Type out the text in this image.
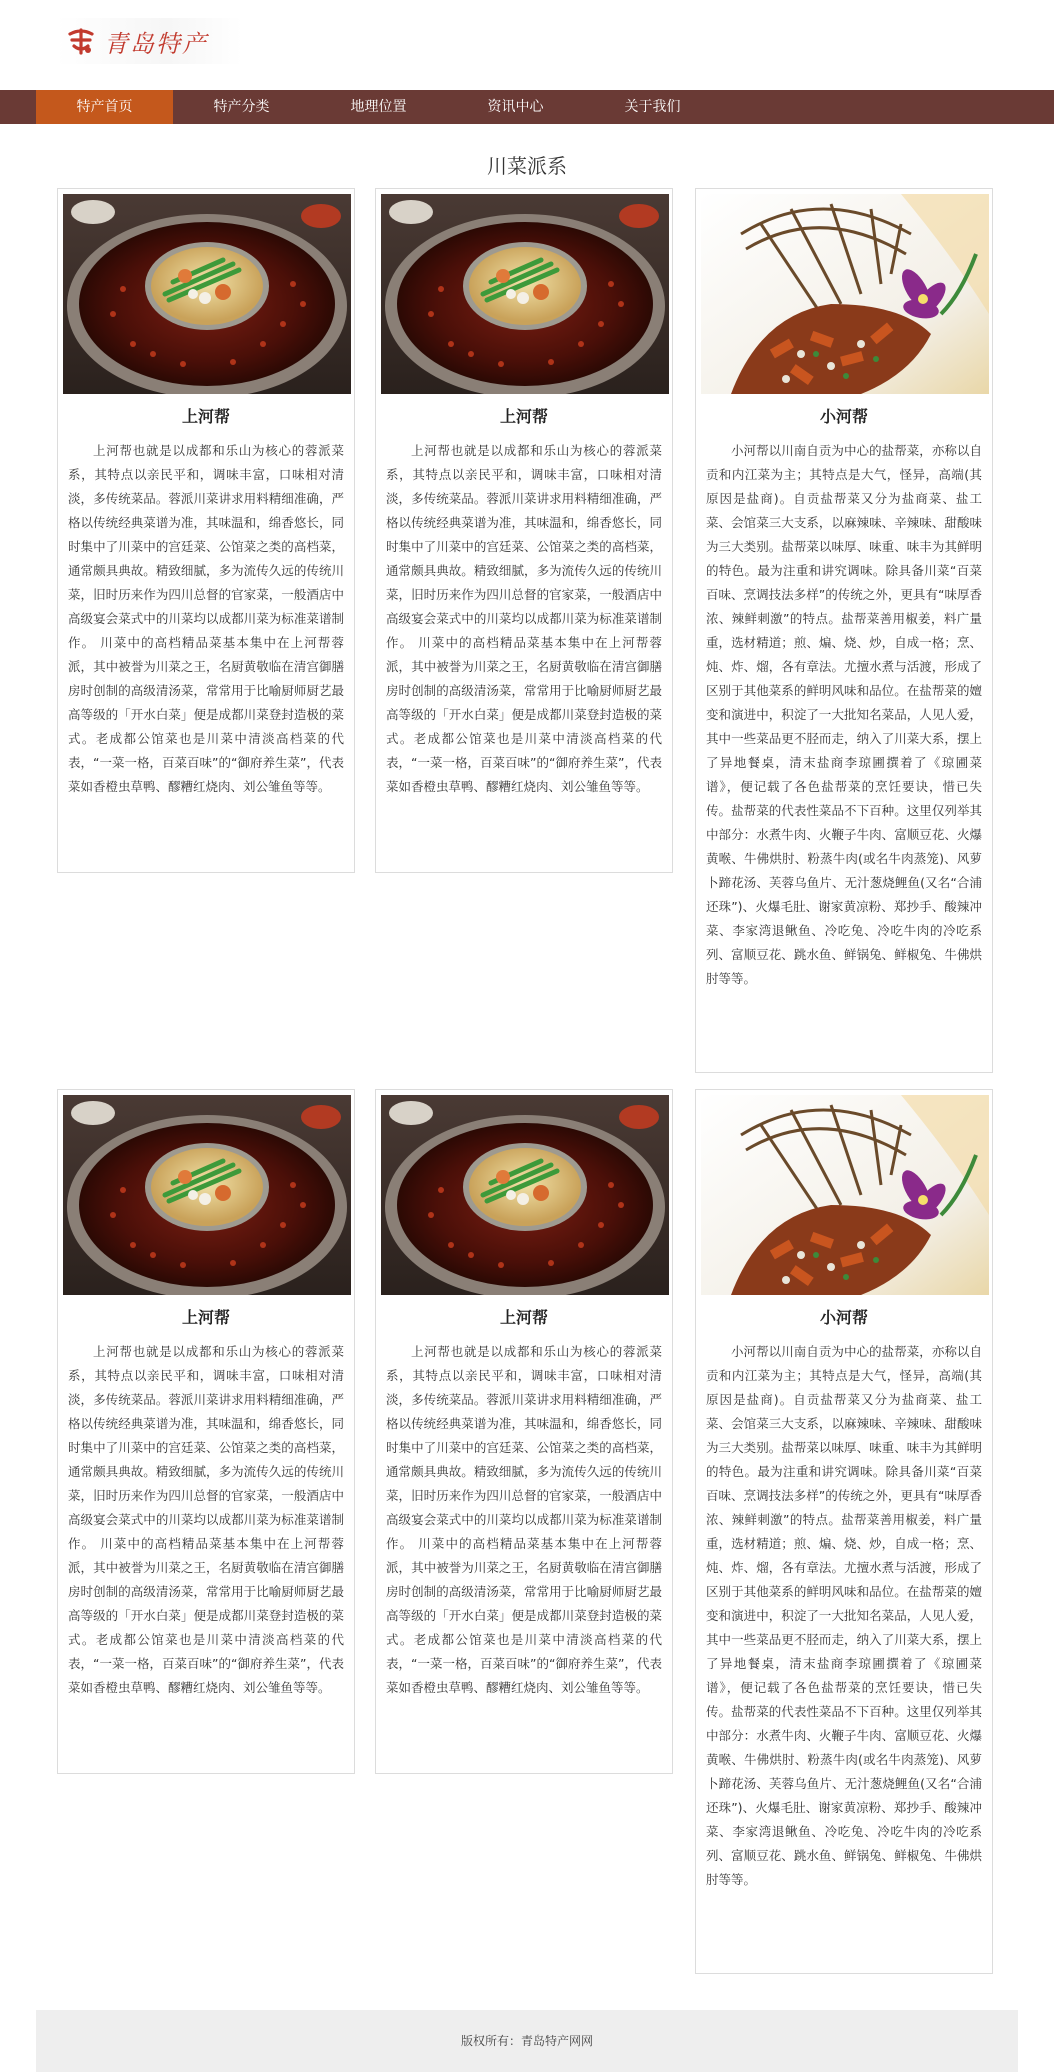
青岛特产
特产首页	特产分类	地理位置	资讯中心	关于我们
川菜派系
上河帮

上河帮也就是以成都和乐山为核心的蓉派菜系，其特点以亲民平和，调味丰富，口味相对清淡，多传统菜品。蓉派川菜讲求用料精细准确，严格以传统经典菜谱为准，其味温和，绵香悠长，同时集中了川菜中的宫廷菜、公馆菜之类的高档菜，通常颇具典故。精致细腻，多为流传久远的传统川菜，旧时历来作为四川总督的官家菜，一般酒店中高级宴会菜式中的川菜均以成都川菜为标准菜谱制作。 川菜中的高档精品菜基本集中在上河帮蓉派，其中被誉为川菜之王，名厨黄敬临在清宫御膳房时创制的高级清汤菜，常常用于比喻厨师厨艺最高等级的「开水白菜」便是成都川菜登封造极的菜式。老成都公馆菜也是川菜中清淡高档菜的代表，“一菜一格，百菜百味”的“御府养生菜”，代表菜如香橙虫草鸭、醪糟红烧肉、刘公雏鱼等等。

上河帮

上河帮也就是以成都和乐山为核心的蓉派菜系，其特点以亲民平和，调味丰富，口味相对清淡，多传统菜品。蓉派川菜讲求用料精细准确，严格以传统经典菜谱为准，其味温和，绵香悠长，同时集中了川菜中的宫廷菜、公馆菜之类的高档菜，通常颇具典故。精致细腻，多为流传久远的传统川菜，旧时历来作为四川总督的官家菜，一般酒店中高级宴会菜式中的川菜均以成都川菜为标准菜谱制作。 川菜中的高档精品菜基本集中在上河帮蓉派，其中被誉为川菜之王，名厨黄敬临在清宫御膳房时创制的高级清汤菜，常常用于比喻厨师厨艺最高等级的「开水白菜」便是成都川菜登封造极的菜式。老成都公馆菜也是川菜中清淡高档菜的代表，“一菜一格，百菜百味”的“御府养生菜”，代表菜如香橙虫草鸭、醪糟红烧肉、刘公雏鱼等等。

小河帮

小河帮以川南自贡为中心的盐帮菜，亦称以自贡和内江菜为主；其特点是大气，怪异，高端(其原因是盐商)。自贡盐帮菜又分为盐商菜、盐工菜、会馆菜三大支系，以麻辣味、辛辣味、甜酸味为三大类别。盐帮菜以味厚、味重、味丰为其鲜明的特色。最为注重和讲究调味。除具备川菜“百菜百味、烹调技法多样”的传统之外，更具有“味厚香浓、辣鲜刺激”的特点。盐帮菜善用椒姜，料广量重，选材精道；煎、煸、烧、炒，自成一格；烹、炖、炸、熘，各有章法。尤擅水煮与活渡，形成了区别于其他菜系的鲜明风味和品位。在盐帮菜的嬗变和演进中，积淀了一大批知名菜品，人见人爱，其中一些菜品更不胫而走，纳入了川菜大系，摆上了异地餐桌，清末盐商李琼圃撰着了《琼圃菜谱》，便记载了各色盐帮菜的烹饪要诀，惜已失传。盐帮菜的代表性菜品不下百种。这里仅列举其中部分：水煮牛肉、火鞭子牛肉、富顺豆花、火爆黄喉、牛佛烘肘、粉蒸牛肉(或名牛肉蒸笼)、风萝卜蹄花汤、芙蓉乌鱼片、无汁葱烧鲤鱼(又名“合浦还珠”)、火爆毛肚、谢家黄凉粉、郑抄手、酸辣冲菜、李家湾退鳅鱼、冷吃兔、冷吃牛肉的冷吃系列、富顺豆花、跳水鱼、鲜锅兔、鲜椒兔、牛佛烘肘等等。

上河帮

上河帮也就是以成都和乐山为核心的蓉派菜系，其特点以亲民平和，调味丰富，口味相对清淡，多传统菜品。蓉派川菜讲求用料精细准确，严格以传统经典菜谱为准，其味温和，绵香悠长，同时集中了川菜中的宫廷菜、公馆菜之类的高档菜，通常颇具典故。精致细腻，多为流传久远的传统川菜，旧时历来作为四川总督的官家菜，一般酒店中高级宴会菜式中的川菜均以成都川菜为标准菜谱制作。 川菜中的高档精品菜基本集中在上河帮蓉派，其中被誉为川菜之王，名厨黄敬临在清宫御膳房时创制的高级清汤菜，常常用于比喻厨师厨艺最高等级的「开水白菜」便是成都川菜登封造极的菜式。老成都公馆菜也是川菜中清淡高档菜的代表，“一菜一格，百菜百味”的“御府养生菜”，代表菜如香橙虫草鸭、醪糟红烧肉、刘公雏鱼等等。

上河帮

上河帮也就是以成都和乐山为核心的蓉派菜系，其特点以亲民平和，调味丰富，口味相对清淡，多传统菜品。蓉派川菜讲求用料精细准确，严格以传统经典菜谱为准，其味温和，绵香悠长，同时集中了川菜中的宫廷菜、公馆菜之类的高档菜，通常颇具典故。精致细腻，多为流传久远的传统川菜，旧时历来作为四川总督的官家菜，一般酒店中高级宴会菜式中的川菜均以成都川菜为标准菜谱制作。 川菜中的高档精品菜基本集中在上河帮蓉派，其中被誉为川菜之王，名厨黄敬临在清宫御膳房时创制的高级清汤菜，常常用于比喻厨师厨艺最高等级的「开水白菜」便是成都川菜登封造极的菜式。老成都公馆菜也是川菜中清淡高档菜的代表，“一菜一格，百菜百味”的“御府养生菜”，代表菜如香橙虫草鸭、醪糟红烧肉、刘公雏鱼等等。

小河帮

小河帮以川南自贡为中心的盐帮菜，亦称以自贡和内江菜为主；其特点是大气，怪异，高端(其原因是盐商)。自贡盐帮菜又分为盐商菜、盐工菜、会馆菜三大支系，以麻辣味、辛辣味、甜酸味为三大类别。盐帮菜以味厚、味重、味丰为其鲜明的特色。最为注重和讲究调味。除具备川菜“百菜百味、烹调技法多样”的传统之外，更具有“味厚香浓、辣鲜刺激”的特点。盐帮菜善用椒姜，料广量重，选材精道；煎、煸、烧、炒，自成一格；烹、炖、炸、熘，各有章法。尤擅水煮与活渡，形成了区别于其他菜系的鲜明风味和品位。在盐帮菜的嬗变和演进中，积淀了一大批知名菜品，人见人爱，其中一些菜品更不胫而走，纳入了川菜大系，摆上了异地餐桌，清末盐商李琼圃撰着了《琼圃菜谱》，便记载了各色盐帮菜的烹饪要诀，惜已失传。盐帮菜的代表性菜品不下百种。这里仅列举其中部分：水煮牛肉、火鞭子牛肉、富顺豆花、火爆黄喉、牛佛烘肘、粉蒸牛肉(或名牛肉蒸笼)、风萝卜蹄花汤、芙蓉乌鱼片、无汁葱烧鲤鱼(又名“合浦还珠”)、火爆毛肚、谢家黄凉粉、郑抄手、酸辣冲菜、李家湾退鳅鱼、冷吃兔、冷吃牛肉的冷吃系列、富顺豆花、跳水鱼、鲜锅兔、鲜椒兔、牛佛烘肘等等。

版权所有：青岛特产网网
